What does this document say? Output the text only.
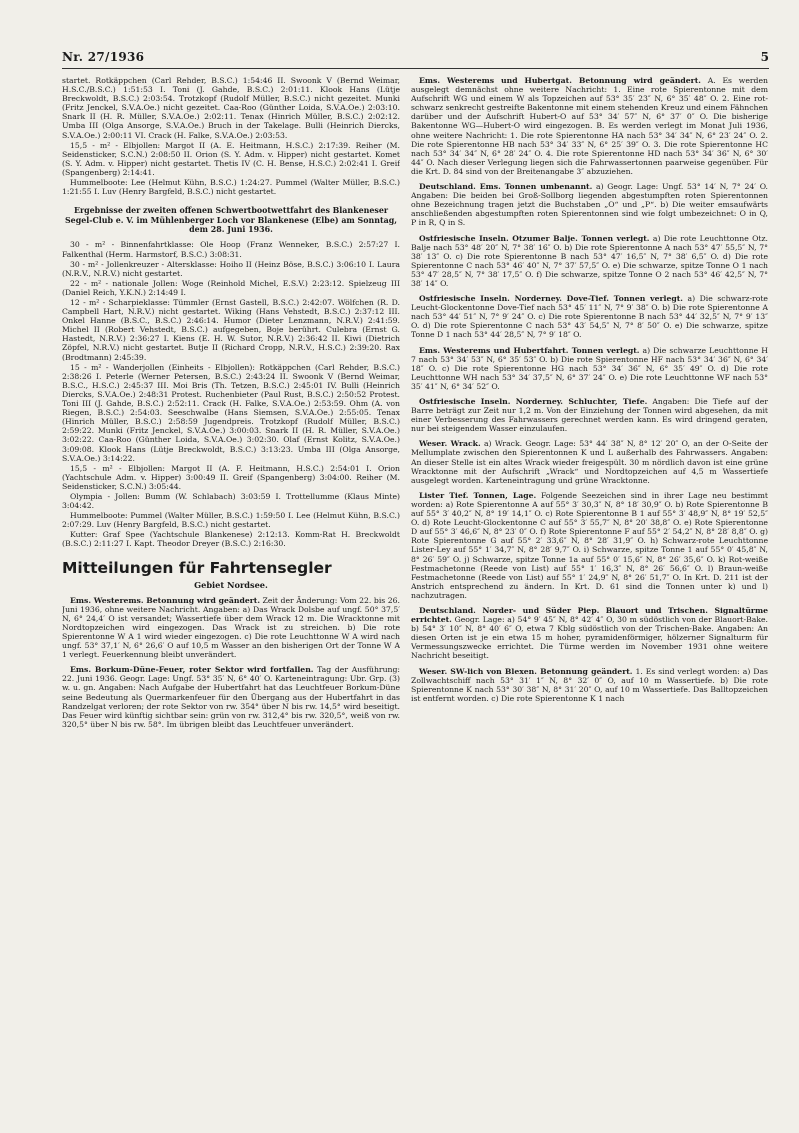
Nr. 27/1936	5

startet. Rotkäppchen (Carl Rehder, B.S.C.) 1:54:46 II. Swoonk V (Bernd Weimar, H.S.C./B.S.C.) 1:51:53 I. Toni (J. Gahde, B.S.C.) 2:01:11. Klook Hans (Lütje Breckwoldt, B.S.C.) 2:03:54. Trotzkopf (Rudolf Müller, B.S.C.) nicht gezeitet. Munki (Fritz Jenckel, S.V.A.Oe.) nicht gezeitet. Caa-Roo (Günther Loida, S.V.A.Oe.) 2:03:10. Snark II (H. R. Müller, S.V.A.Oe.) 2:02:11. Tenax (Hinrich Müller, B.S.C.) 2:02:12. Umba III (Olga Ansorge, S.V.A.Oe.) Bruch in der Takelage. Bulli (Heinrich Diercks, S.V.A.Oe.) 2:00:11 VI. Crack (H. Falke, S.V.A.Oe.) 2:03:53.

15,5 - m² - Elbjollen: Margot II (A. E. Heitmann, H.S.C.) 2:17:39. Reiher (M. Seidensticker, S.C.N.) 2:08:50 II. Orion (S. Y. Adm. v. Hipper) nicht gestartet. Komet (S. Y. Adm. v. Hipper) nicht gestartet. Thetis IV (C. H. Bense, H.S.C.) 2:02:41 I. Greif (Spangenberg) 2:14:41.

Hummelboote: Lee (Helmut Kühn, B.S.C.) 1:24:27. Pummel (Walter Müller, B.S.C.) 1:21:55 I. Luv (Henry Bargfeld, B.S.C.) nicht gestartet.

Ergebnisse der zweiten offenen Schwertbootwettfahrt des Blankeneser Segel-Club e. V. im Mühlenberger Loch vor Blankenese (Elbe) am Sonntag, dem 28. Juni 1936.

30 - m² - Binnenfahrtklasse: Ole Hoop (Franz Wenneker, B.S.C.) 2:57:27 I. Falkenthal (Herm. Harmstorf, B.S.C.) 3:08:31.

30 - m² - Jollenkreuzer - Altersklasse: Hoiho II (Heinz Böse, B.S.C.) 3:06:10 I. Laura (N.R.V., N.R.V.) nicht gestartet.

22 - m² - nationale Jollen: Woge (Reinhold Michel, E.S.V.) 2:23:12. Spielzeug III (Daniel Reich, Y.K.N.) 2:14:49 I.

12 - m² - Scharpieklasse: Tümmler (Ernst Gastell, B.S.C.) 2:42:07. Wölfchen (R. D. Campbell Hart, N.R.V.) nicht gestartet. Wiking (Hans Vehstedt, B.S.C.) 2:37:12 III. Onkel Hanne (B.S.C., B.S.C.) 2:46:14. Humor (Dieter Lenzmann, N.R.V.) 2:41:59. Michel II (Robert Vehstedt, B.S.C.) aufgegeben, Boje berührt. Culebra (Ernst G. Hastedt, N.R.V.) 2:36:27 I. Kiens (E. H. W. Sutor, N.R.V.) 2:36:42 II. Kiwi (Dietrich Zöpfel, N.R.V.) nicht gestartet. Butje II (Richard Cropp, N.R.V., H.S.C.) 2:39:20. Rax (Brodtmann) 2:45:39.

15 - m² - Wanderjollen (Einheits - Elbjollen): Rotkäppchen (Carl Rehder, B.S.C.) 2:38:26 I. Peterle (Werner Petersen, B.S.C.) 2:43:24 II. Swoonk V (Bernd Weimar, B.S.C., H.S.C.) 2:45:37 III. Moi Bris (Th. Tetzen, B.S.C.) 2:45:01 IV. Bulli (Heinrich Diercks, S.V.A.Oe.) 2:48:31 Protest. Ruchenbieter (Paul Rust, B.S.C.) 2:50:52 Protest. Toni III (J. Gahde, B.S.C.) 2:52:11. Crack (H. Falke, S.V.A.Oe.) 2:53:59. Ohm (A. von Riegen, B.S.C.) 2:54:03. Seeschwalbe (Hans Siemsen, S.V.A.Oe.) 2:55:05. Tenax (Hinrich Müller, B.S.C.) 2:58:59 Jugendpreis. Trotzkopf (Rudolf Müller, B.S.C.) 2:59:22. Munki (Fritz Jenckel, S.V.A.Oe.) 3:00:03. Snark II (H. R. Müller, S.V.A.Oe.) 3:02:22. Caa-Roo (Günther Loida, S.V.A.Oe.) 3:02:30. Olaf (Ernst Kolitz, S.V.A.Oe.) 3:09:08. Klook Hans (Lütje Breckwoldt, B.S.C.) 3:13:23. Umba III (Olga Ansorge, S.V.A.Oe.) 3:14:22.

15,5 - m² - Elbjollen: Margot II (A. F. Heitmann, H.S.C.) 2:54:01 I. Orion (Yachtschule Adm. v. Hipper) 3:00:49 II. Greif (Spangenberg) 3:04:00. Reiher (M. Seidensticker, S.C.N.) 3:05:44.

Olympia - Jollen: Bumm (W. Schlabach) 3:03:59 I. Trottellumme (Klaus Minte) 3:04:42.

Hummelboote: Pummel (Walter Müller, B.S.C.) 1:59:50 I. Lee (Helmut Kühn, B.S.C.) 2:07:29. Luv (Henry Bargfeld, B.S.C.) nicht gestartet.

Kutter: Graf Spee (Yachtschule Blankenese) 2:12:13. Komm-Rat H. Breckwoldt (B.S.C.) 2:11:27 I. Kapt. Theodor Dreyer (B.S.C.) 2:16:30.

Mitteilungen für Fahrtensegler
Gebiet Nordsee.

Ems. Westerems. Betonnung wird geändert. Zeit der Änderung: Vom 22. bis 26. Juni 1936, ohne weitere Nachricht. Angaben: a) Das Wrack Dolsbe auf ungf. 50° 37,5′ N, 6° 24,4′ O ist versandet; Wassertiefe über dem Wrack 12 m. Die Wracktonne mit Nordtopzeichen wird eingezogen. Das Wrack ist zu streichen. b) Die rote Spierentonne W A 1 wird wieder eingezogen. c) Die rote Leuchttonne W A wird nach ungf. 53° 37,1′ N, 6° 26,6′ O auf 10,5 m Wasser an den bisherigen Ort der Tonne W A 1 verlegt. Feuerkennung bleibt unverändert.

Ems. Borkum-Düne-Feuer, roter Sektor wird fortfallen. Tag der Ausführung: 22. Juni 1936. Geogr. Lage: Ungf. 53° 35′ N, 6° 40′ O. Karteneintragung: Ubr. Grp. (3) w. u. gn. Angaben: Nach Aufgabe der Hubertfahrt hat das Leuchtfeuer Borkum-Düne seine Bedeutung als Quermarkenfeuer für den Übergang aus der Hubertfahrt in das Randzelgat verloren; der rote Sektor von rw. 354° über N bis rw. 14,5° wird beseitigt. Das Feuer wird künftig sichtbar sein: grün von rw. 312,4° bis rw. 320,5°, weiß von rw. 320,5° über N bis rw. 58°. Im übrigen bleibt das Leuchtfeuer unverändert.

Ems. Westerems und Hubertgat. Betonnung wird geändert. A. Es werden ausgelegt demnächst ohne weitere Nachricht: 1. Eine rote Spierentonne mit dem Aufschrift WG und einem W als Topzeichen auf 53° 35′ 23″ N, 6° 35′ 48″ O. 2. Eine rot-schwarz senkrecht gestreifte Bakentonne mit einem stehenden Kreuz und einem Fähnchen darüber und der Aufschrift Hubert-O auf 53° 34′ 57″ N, 6° 37′ 0″ O. Die bisherige Bakentonne WG—Hubert-O wird eingezogen. B. Es werden verlegt im Monat Juli 1936, ohne weitere Nachricht: 1. Die rote Spierentonne HA nach 53° 34′ 34″ N, 6° 23′ 24″ O. 2. Die rote Spierentonne HB nach 53° 34′ 33″ N, 6° 25′ 39″ O. 3. Die rote Spierentonne HC nach 53° 34′ 34″ N, 6° 28′ 24″ O. 4. Die rote Spierentonne HD nach 53° 34′ 36″ N, 6° 30′ 44″ O. Nach dieser Verlegung liegen sich die Fahrwassertonnen paarweise gegenüber. Für die Krt. D. 84 sind von der Breitenangabe 3″ abzuziehen.

Deutschland. Ems. Tonnen umbenannt. a) Geogr. Lage: Ungf. 53° 14′ N, 7° 24′ O. Angaben: Die beiden bei Groß-Sollborg liegenden abgestumpften roten Spierentonnen ohne Bezeichnung tragen jetzt die Buchstaben „O“ und „P“. b) Die weiter emsaufwärts anschließenden abgestumpften roten Spierentonnen sind wie folgt umbezeichnet: O in Q, P in R, Q in S.

Ostfriesische Inseln. Otzumer Balje. Tonnen verlegt. a) Die rote Leuchttonne Otz. Balje nach 53° 48′ 20″ N, 7° 38′ 16″ O. b) Die rote Spierentonne A nach 53° 47′ 55,5″ N, 7° 38′ 13″ O. c) Die rote Spierentonne B nach 53° 47′ 16,5″ N, 7° 38′ 6,5″ O. d) Die rote Spierentonne C nach 53° 46′ 40″ N, 7° 37′ 57,5″ O. e) Die schwarze, spitze Tonne O 1 nach 53° 47′ 28,5″ N, 7° 38′ 17,5″ O. f) Die schwarze, spitze Tonne O 2 nach 53° 46′ 42,5″ N, 7° 38′ 14″ O.

Ostfriesische Inseln. Norderney. Dove-Tief. Tonnen verlegt. a) Die schwarz-rote Leucht-Glockentonne Dove-Tief nach 53° 45′ 11″ N, 7° 9′ 38″ O. b) Die rote Spierentonne A nach 53° 44′ 51″ N, 7° 9′ 24″ O. c) Die rote Spierentonne B nach 53° 44′ 32,5″ N, 7° 9′ 13″ O. d) Die rote Spierentonne C nach 53° 43′ 54,5″ N, 7° 8′ 50″ O. e) Die schwarze, spitze Tonne D 1 nach 53° 44′ 28,5″ N, 7° 9′ 18″ O.

Ems. Westerems und Hubertfahrt. Tonnen verlegt. a) Die schwarze Leuchttonne H 7 nach 53° 34′ 53″ N, 6° 35′ 53″ O. b) Die rote Spierentonne HF nach 53° 34′ 36″ N, 6° 34′ 18″ O. c) Die rote Spierentonne HG nach 53° 34′ 36″ N, 6° 35′ 49″ O. d) Die rote Leuchttonne WH nach 53° 34′ 37,5″ N, 6° 37′ 24″ O. e) Die rote Leuchttonne WF nach 53° 35′ 41″ N, 6° 34′ 52″ O.

Ostfriesische Inseln. Norderney. Schluchter, Tiefe. Angaben: Die Tiefe auf der Barre beträgt zur Zeit nur 1,2 m. Von der Einziehung der Tonnen wird abgesehen, da mit einer Verbesserung des Fahrwassers gerechnet werden kann. Es wird dringend geraten, nur bei steigendem Wasser einzulaufen.

Weser. Wrack. a) Wrack. Geogr. Lage: 53° 44′ 38″ N, 8° 12′ 20″ O, an der O-Seite der Mellumplate zwischen den Spierentonnen K und L außerhalb des Fahrwassers. Angaben: An dieser Stelle ist ein altes Wrack wieder freigespült. 30 m nördlich davon ist eine grüne Wracktonne mit der Aufschrift „Wrack“ und Nordtopzeichen auf 4,5 m Wassertiefe ausgelegt worden. Karteneintragung und grüne Wracktonne.

Lister Tief. Tonnen, Lage. Folgende Seezeichen sind in ihrer Lage neu bestimmt worden: a) Rote Spierentonne A auf 55° 3′ 30,3″ N, 8° 18′ 30,9″ O. b) Rote Spierentonne B auf 55° 3′ 40,2″ N, 8° 19′ 14,1″ O. c) Rote Spierentonne B 1 auf 55° 3′ 48,9″ N, 8° 19′ 52,5″ O. d) Rote Leucht-Glockentonne C auf 55° 3′ 55,7″ N, 8° 20′ 38,8″ O. e) Rote Spierentonne D auf 55° 3′ 46,6″ N, 8° 23′ 0″ O. f) Rote Spierentonne F auf 55° 2′ 54,2″ N, 8° 28′ 8,8″ O. g) Rote Spierentonne G auf 55° 2′ 33,6″ N, 8° 28′ 31,9″ O. h) Schwarz-rote Leuchttonne Lister-Ley auf 55° 1′ 34,7″ N, 8° 28′ 9,7″ O. i) Schwarze, spitze Tonne 1 auf 55° 0′ 45,8″ N, 8° 26′ 59″ O. j) Schwarze, spitze Tonne 1a auf 55° 0′ 15,6″ N, 8° 26′ 35,6″ O. k) Rot-weiße Festmachetonne (Reede von List) auf 55° 1′ 16,3″ N, 8° 26′ 56,6″ O. l) Braun-weiße Festmachetonne (Reede von List) auf 55° 1′ 24,9″ N, 8° 26′ 51,7″ O. In Krt. D. 211 ist der Anstrich entsprechend zu ändern. In Krt. D. 61 sind die Tonnen unter k) und l) nachzutragen.

Deutschland. Norder- und Süder Piep. Blauort und Trischen. Signaltürme errichtet. Geogr. Lage: a) 54° 9′ 45″ N, 8° 42′ 4″ O, 30 m südöstlich von der Blauort-Bake. b) 54° 3′ 10″ N, 8° 40′ 6″ O, etwa 7 Kblg südöstlich von der Trischen-Bake. Angaben: An diesen Orten ist je ein etwa 15 m hoher, pyramidenförmiger, hölzerner Signalturm für Vermessungszwecke errichtet. Die Türme werden im November 1931 ohne weitere Nachricht beseitigt.

Weser. SW-lich von Blexen. Betonnung geändert. 1. Es sind verlegt worden: a) Das Zollwachtschiff nach 53° 31′ 1″ N, 8° 32′ 0″ O, auf 10 m Wassertiefe. b) Die rote Spierentonne K nach 53° 30′ 38″ N, 8° 31′ 20″ O, auf 10 m Wassertiefe. Das Balltopzeichen ist entfernt worden. c) Die rote Spierentonne K 1 nach
